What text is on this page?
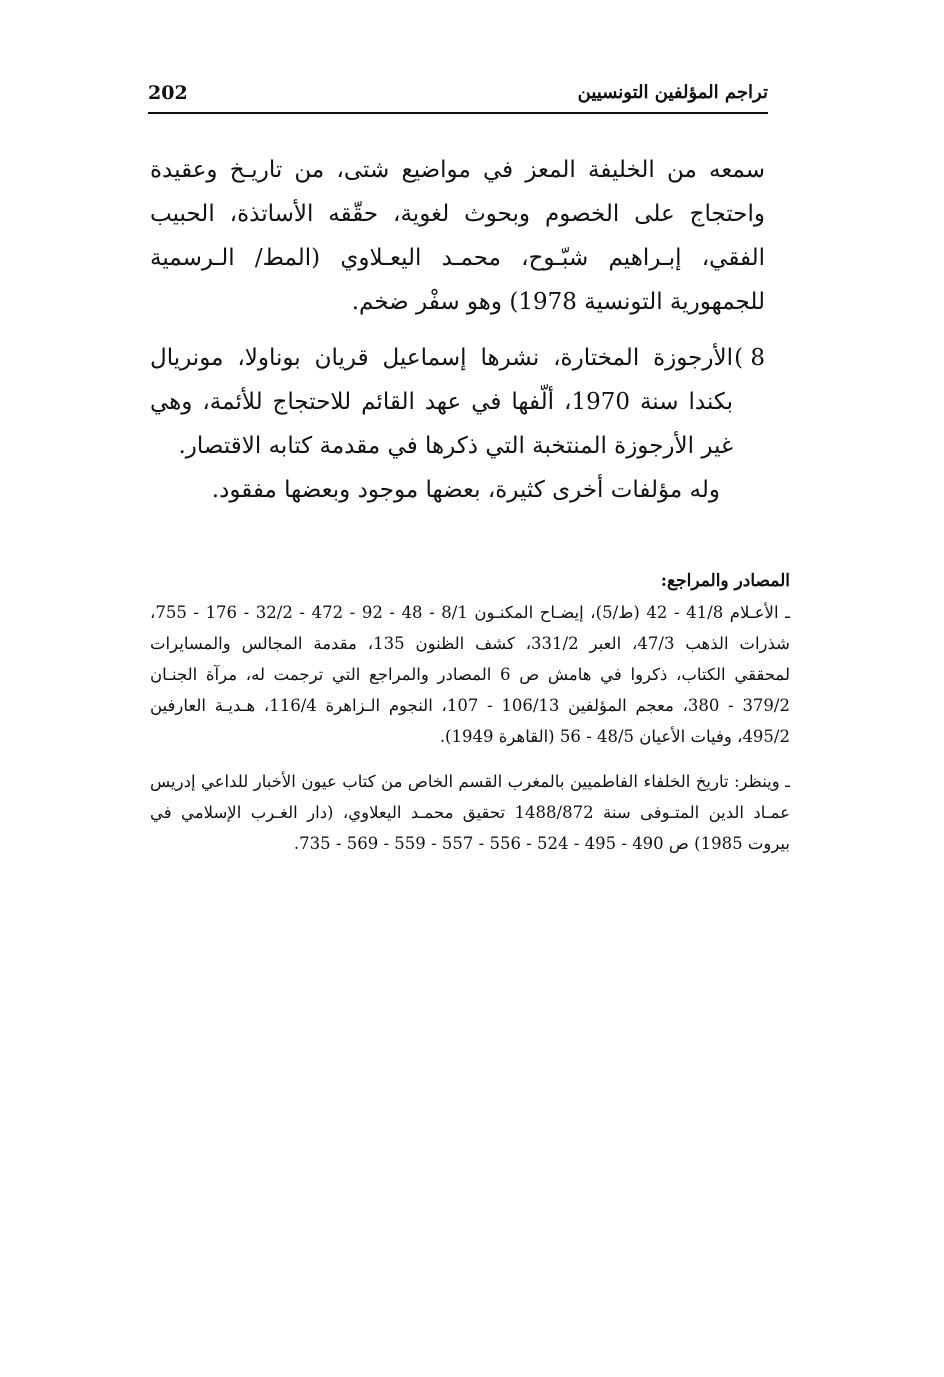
202	تراجم المؤلفين التونسيين

سمعه من الخليفة المعز في مواضيع شتى، من تاريـخ وعقيدة واحتجاج على الخصوم وبحوث لغوية، حقّقه الأساتذة، الحبيب الفقي، إبـراهيم شبّـوح، محمـد اليعـلاوي (المط/ الـرسمية للجمهورية التونسية 1978) وهو سفْر ضخم.

8 )
الأرجوزة المختارة، نشرها إسماعيل قريان بوناولا، مونريال بكندا سنة 1970، ألّفها في عهد القائم للاحتجاج للأئمة، وهي غير الأرجوزة المنتخبة التي ذكرها في مقدمة كتابه الاقتصار.

وله مؤلفات أخرى كثيرة، بعضها موجود وبعضها مفقود.

المصادر والمراجع:

ـ الأعـلام 41/8 - 42 (ط/5)، إيضـاح المكنـون 8/1 - 48 - 92 - 472 - 32/2 - 176 - 755، شذرات الذهب 47/3، العبر 331/2، كشف الظنون 135، مقدمة المجالس والمسايرات لمحققي الكتاب، ذكروا في هامش ص 6 المصادر والمراجع التي ترجمت له، مرآة الجنـان 379/2 - 380، معجم المؤلفين 106/13 - 107، النجوم الـزاهرة 116/4، هـديـة العارفين 495/2، وفيات الأعيان 48/5 - 56 (القاهرة 1949).

ـ وينظر: تاريخ الخلفاء الفاطميين بالمغرب القسم الخاص من كتاب عيون الأخبار للداعي إدريس عمـاد الدين المتـوفى سنة 1488/872 تحقيق محمـد اليعلاوي، (دار الغـرب الإسلامي في بيروت 1985) ص 490 - 495 - 524 - 556 - 557 - 559 - 569 - 735.
